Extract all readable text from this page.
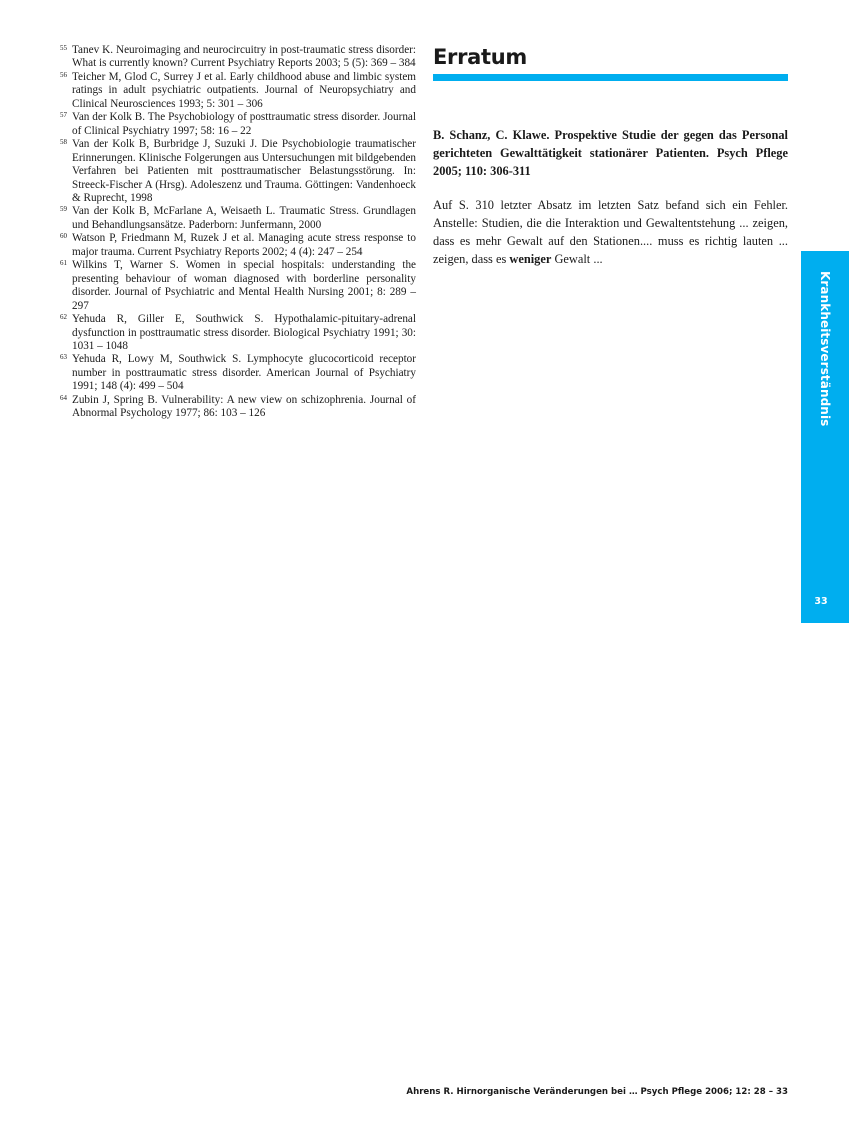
55 Tanev K. Neuroimaging and neurocircuitry in post-traumatic stress disorder: What is currently known? Current Psychiatry Reports 2003; 5 (5): 369 – 384
56 Teicher M, Glod C, Surrey J et al. Early childhood abuse and limbic system ratings in adult psychiatric outpatients. Journal of Neuropsychiatry and Clinical Neurosciences 1993; 5: 301 – 306
57 Van der Kolk B. The Psychobiology of posttraumatic stress disorder. Journal of Clinical Psychiatry 1997; 58: 16 – 22
58 Van der Kolk B, Burbridge J, Suzuki J. Die Psychobiologie traumatischer Erinnerungen. Klinische Folgerungen aus Untersuchungen mit bildgebenden Verfahren bei Patienten mit posttraumatischer Belastungsstörung. In: Streeck-Fischer A (Hrsg). Adoleszenz und Trauma. Göttingen: Vandenhoeck & Ruprecht, 1998
59 Van der Kolk B, McFarlane A, Weisaeth L. Traumatic Stress. Grundlagen und Behandlungsansätze. Paderborn: Junfermann, 2000
60 Watson P, Friedmann M, Ruzek J et al. Managing acute stress response to major trauma. Current Psychiatry Reports 2002; 4 (4): 247 – 254
61 Wilkins T, Warner S. Women in special hospitals: understanding the presenting behaviour of woman diagnosed with borderline personality disorder. Journal of Psychiatric and Mental Health Nursing 2001; 8: 289 – 297
62 Yehuda R, Giller E, Southwick S. Hypothalamic-pituitary-adrenal dysfunction in posttraumatic stress disorder. Biological Psychiatry 1991; 30: 1031 – 1048
63 Yehuda R, Lowy M, Southwick S. Lymphocyte glucocorticoid receptor number in posttraumatic stress disorder. American Journal of Psychiatry 1991; 148 (4): 499 – 504
64 Zubin J, Spring B. Vulnerability: A new view on schizophrenia. Journal of Abnormal Psychology 1977; 86: 103 – 126
Erratum

B. Schanz, C. Klawe. Prospektive Studie der gegen das Personal gerichteten Gewalttätigkeit stationärer Patienten. Psych Pflege 2005; 110: 306-311

Auf S. 310 letzter Absatz im letzten Satz befand sich ein Fehler. Anstelle: Studien, die die Interaktion und Gewaltentstehung ... zeigen, dass es mehr Gewalt auf den Stationen.... muss es richtig lauten ... zeigen, dass es weniger Gewalt ...

Krankheitsverständnis
33
Ahrens R. Hirnorganische Veränderungen bei … Psych Pflege 2006; 12: 28 – 33
